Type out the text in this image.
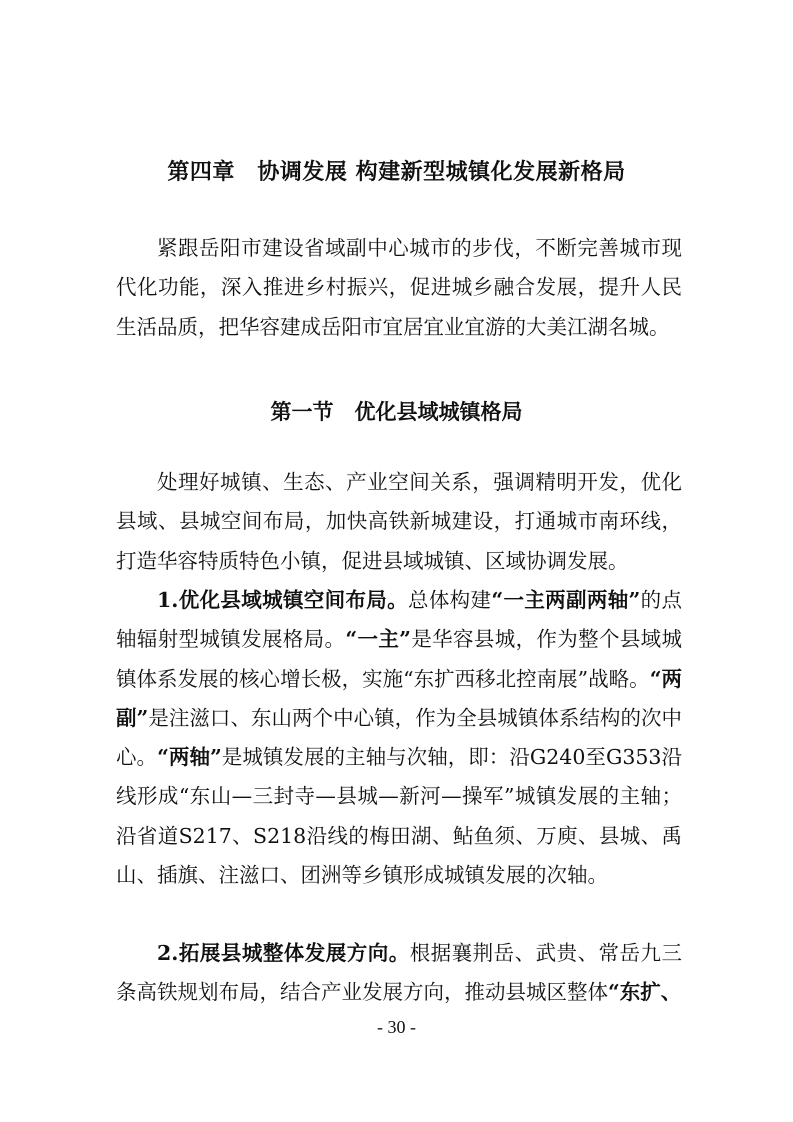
第四章　协调发展 构建新型城镇化发展新格局

紧跟岳阳市建设省域副中心城市的步伐，不断完善城市现代化功能，深入推进乡村振兴，促进城乡融合发展，提升人民生活品质，把华容建成岳阳市宜居宜业宜游的大美江湖名城。

第一节　优化县域城镇格局

处理好城镇、生态、产业空间关系，强调精明开发，优化县域、县城空间布局，加快高铁新城建设，打通城市南环线，打造华容特质特色小镇，促进县域城镇、区域协调发展。

1.优化县域城镇空间布局。总体构建“一主两副两轴”的点轴辐射型城镇发展格局。“一主”是华容县城，作为整个县域城镇体系发展的核心增长极，实施“东扩西移北控南展”战略。“两副”是注滋口、东山两个中心镇，作为全县城镇体系结构的次中心。“两轴”是城镇发展的主轴与次轴，即：沿G240至G353沿线形成“东山—三封寺—县城—新河—操军”城镇发展的主轴；沿省道S217、S218沿线的梅田湖、鲇鱼须、万庾、县城、禹山、插旗、注滋口、团洲等乡镇形成城镇发展的次轴。

2.拓展县城整体发展方向。根据襄荆岳、武贵、常岳九三条高铁规划布局，结合产业发展方向，推动县城区整体“东扩、

- 30 -
